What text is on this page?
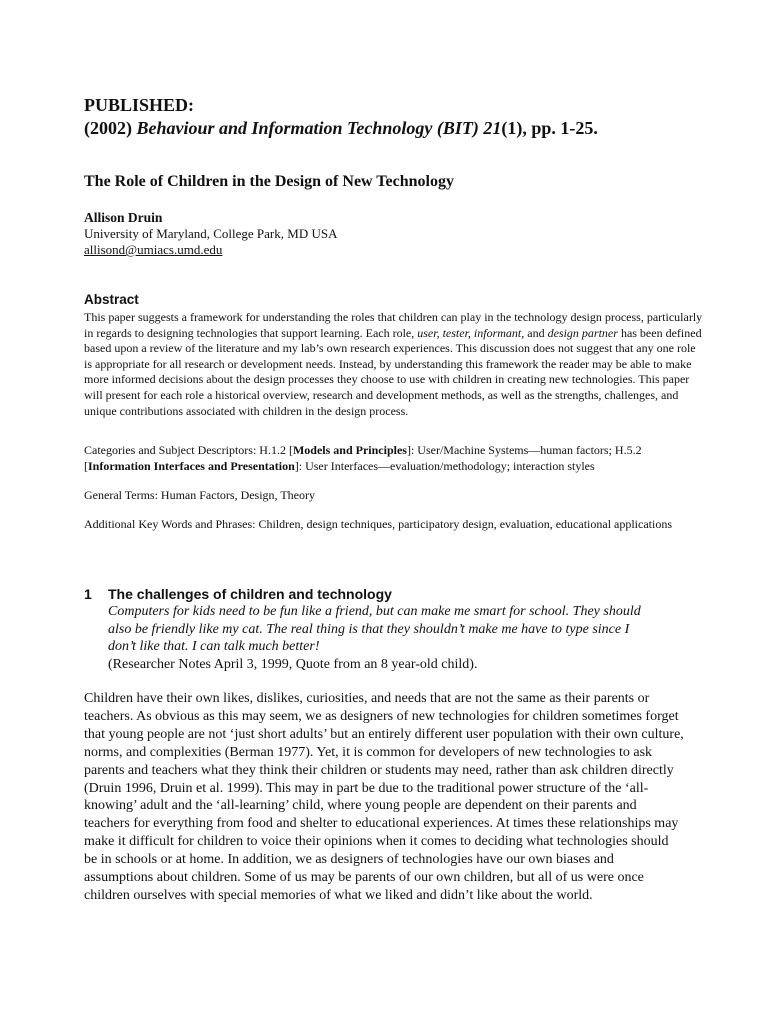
PUBLISHED:
(2002) Behaviour and Information Technology (BIT) 21(1), pp. 1-25.
The Role of Children in the Design of New Technology
Allison Druin
University of Maryland, College Park, MD USA
allisond@umiacs.umd.edu
Abstract
This paper suggests a framework for understanding the roles that children can play in the technology design process, particularly in regards to designing technologies that support learning. Each role, user, tester, informant, and design partner has been defined based upon a review of the literature and my lab’s own research experiences. This discussion does not suggest that any one role is appropriate for all research or development needs. Instead, by understanding this framework the reader may be able to make more informed decisions about the design processes they choose to use with children in creating new technologies. This paper will present for each role a historical overview, research and development methods, as well as the strengths, challenges, and unique contributions associated with children in the design process.
Categories and Subject Descriptors: H.1.2 [Models and Principles]: User/Machine Systems—human factors; H.5.2 [Information Interfaces and Presentation]: User Interfaces—evaluation/methodology; interaction styles
General Terms: Human Factors, Design, Theory
Additional Key Words and Phrases: Children, design techniques, participatory design, evaluation, educational applications
1 The challenges of children and technology
Computers for kids need to be fun like a friend, but can make me smart for school. They should also be friendly like my cat. The real thing is that they shouldn’t make me have to type since I don’t like that. I can talk much better!
(Researcher Notes April 3, 1999, Quote from an 8 year-old child).
Children have their own likes, dislikes, curiosities, and needs that are not the same as their parents or teachers. As obvious as this may seem, we as designers of new technologies for children sometimes forget that young people are not ‘just short adults’ but an entirely different user population with their own culture, norms, and complexities (Berman 1977). Yet, it is common for developers of new technologies to ask parents and teachers what they think their children or students may need, rather than ask children directly (Druin 1996, Druin et al. 1999). This may in part be due to the traditional power structure of the ‘all-knowing’ adult and the ‘all-learning’ child, where young people are dependent on their parents and teachers for everything from food and shelter to educational experiences. At times these relationships may make it difficult for children to voice their opinions when it comes to deciding what technologies should be in schools or at home. In addition, we as designers of technologies have our own biases and assumptions about children. Some of us may be parents of our own children, but all of us were once children ourselves with special memories of what we liked and didn’t like about the world.
